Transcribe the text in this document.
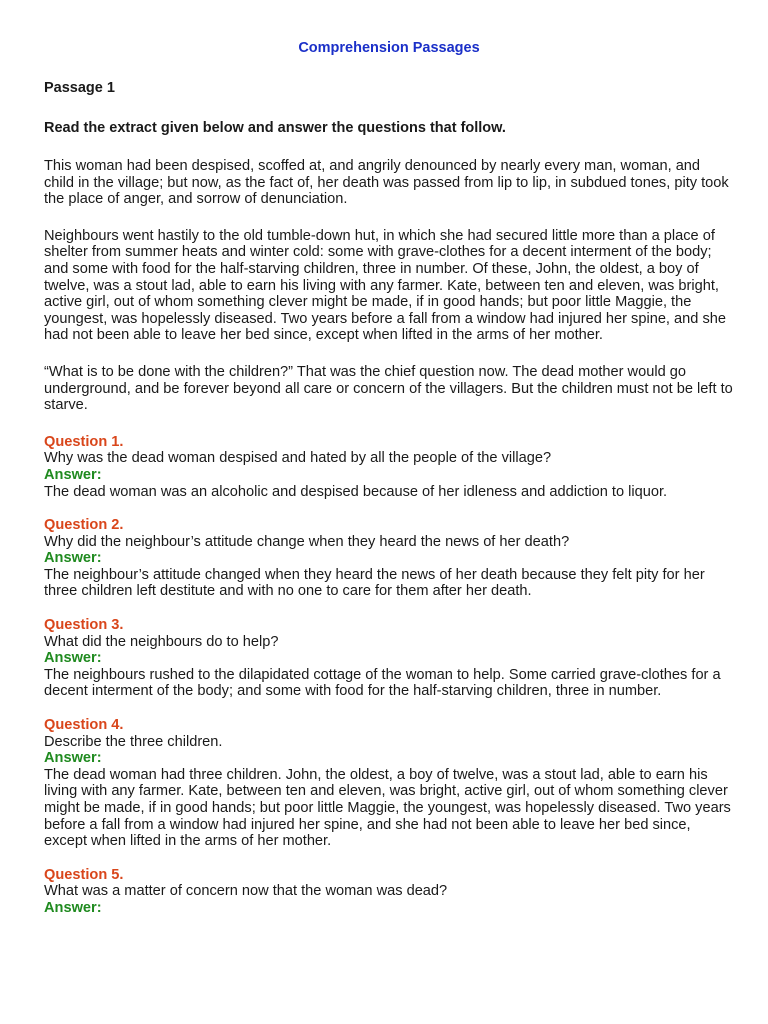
Comprehension Passages
Passage 1
Read the extract given below and answer the questions that follow.
This woman had been despised, scoffed at, and angrily denounced by nearly every man, woman, and child in the village; but now, as the fact of, her death was passed from lip to lip, in subdued tones, pity took the place of anger, and sorrow of denunciation.
Neighbours went hastily to the old tumble-down hut, in which she had secured little more than a place of shelter from summer heats and winter cold: some with grave-clothes for a decent interment of the body; and some with food for the half-starving children, three in number. Of these, John, the oldest, a boy of twelve, was a stout lad, able to earn his living with any farmer. Kate, between ten and eleven, was bright, active girl, out of whom something clever might be made, if in good hands; but poor little Maggie, the youngest, was hopelessly diseased. Two years before a fall from a window had injured her spine, and she had not been able to leave her bed since, except when lifted in the arms of her mother.
“What is to be done with the children?” That was the chief question now. The dead mother would go underground, and be forever beyond all care or concern of the villagers. But the children must not be left to starve.
Question 1.
Why was the dead woman despised and hated by all the people of the village?
Answer:
The dead woman was an alcoholic and despised because of her idleness and addiction to liquor.
Question 2.
Why did the neighbour’s attitude change when they heard the news of her death?
Answer:
The neighbour’s attitude changed when they heard the news of her death because they felt pity for her three children left destitute and with no one to care for them after her death.
Question 3.
What did the neighbours do to help?
Answer:
The neighbours rushed to the dilapidated cottage of the woman to help. Some carried grave-clothes for a decent interment of the body; and some with food for the half-starving children, three in number.
Question 4.
Describe the three children.
Answer:
The dead woman had three children. John, the oldest, a boy of twelve, was a stout lad, able to earn his living with any farmer. Kate, between ten and eleven, was bright, active girl, out of whom something clever might be made, if in good hands; but poor little Maggie, the youngest, was hopelessly diseased. Two years before a fall from a window had injured her spine, and she had not been able to leave her bed since, except when lifted in the arms of her mother.
Question 5.
What was a matter of concern now that the woman was dead?
Answer:
